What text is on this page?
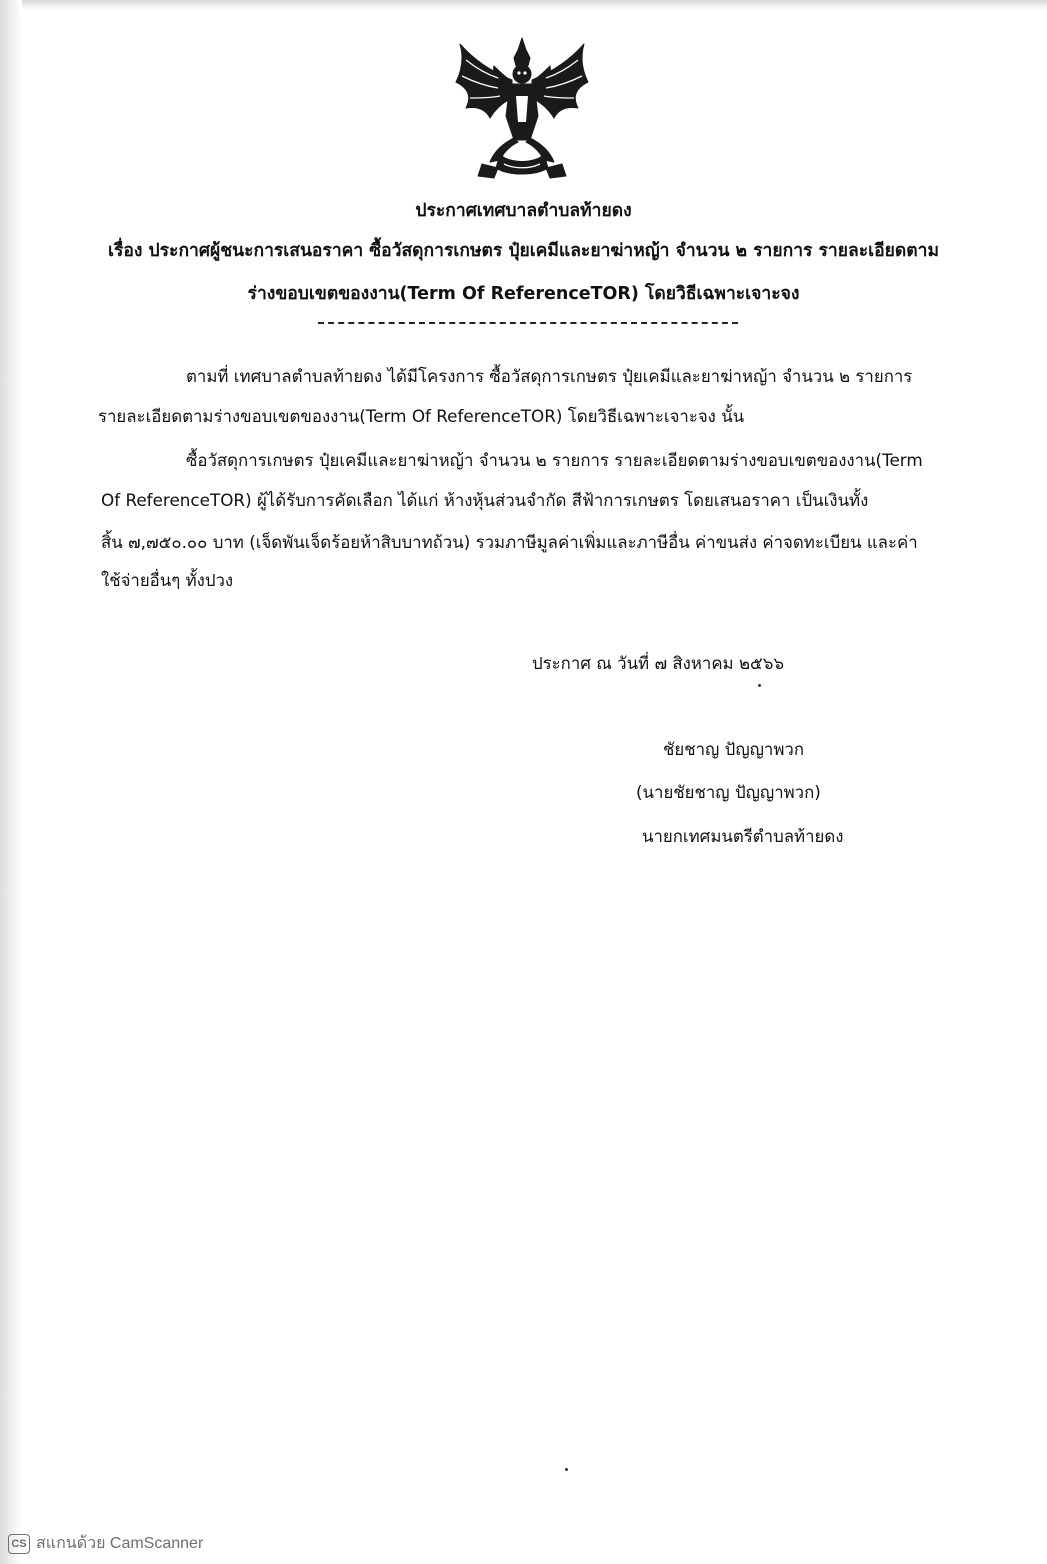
ประกาศเทศบาลตำบลท้ายดง
เรื่อง ประกาศผู้ชนะการเสนอราคา ซื้อวัสดุการเกษตร ปุ๋ยเคมีและยาฆ่าหญ้า จำนวน ๒ รายการ รายละเอียดตาม
ร่างขอบเขตของงาน(Term Of ReferenceTOR) โดยวิธีเฉพาะเจาะจง
ตามที่ เทศบาลตำบลท้ายดง ได้มีโครงการ ซื้อวัสดุการเกษตร ปุ๋ยเคมีและยาฆ่าหญ้า จำนวน ๒ รายการ
รายละเอียดตามร่างขอบเขตของงาน(Term Of ReferenceTOR) โดยวิธีเฉพาะเจาะจง นั้น
ซื้อวัสดุการเกษตร ปุ๋ยเคมีและยาฆ่าหญ้า จำนวน ๒ รายการ รายละเอียดตามร่างขอบเขตของงาน(Term
Of ReferenceTOR) ผู้ได้รับการคัดเลือก ได้แก่ ห้างหุ้นส่วนจำกัด สีฟ้าการเกษตร โดยเสนอราคา เป็นเงินทั้ง
สิ้น ๗,๗๕๐.๐๐ บาท (เจ็ดพันเจ็ดร้อยห้าสิบบาทถ้วน) รวมภาษีมูลค่าเพิ่มและภาษีอื่น ค่าขนส่ง ค่าจดทะเบียน และค่า
ใช้จ่ายอื่นๆ ทั้งปวง
ประกาศ ณ วันที่ ๗ สิงหาคม ๒๕๖๖
ชัยชาญ ปัญญาพวก
(นายชัยชาญ ปัญญาพวก)
นายกเทศมนตรีตำบลท้ายดง
CS สแกนด้วย CamScanner
